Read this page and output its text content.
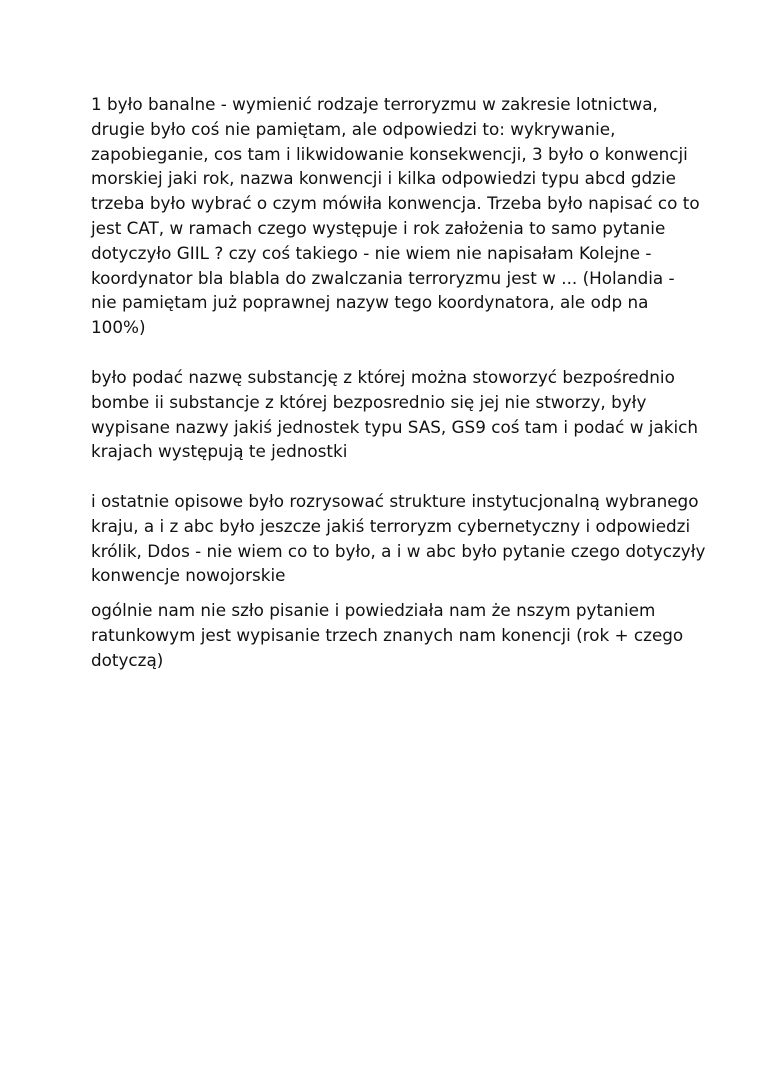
1 było banalne - wymienić rodzaje terroryzmu w zakresie lotnictwa,
drugie było coś nie pamiętam, ale odpowiedzi to: wykrywanie,
zapobieganie, cos tam i likwidowanie konsekwencji, 3 było o konwencji
morskiej jaki rok, nazwa konwencji i kilka odpowiedzi typu abcd gdzie
trzeba było wybrać o czym mówiła konwencja. Trzeba było napisać co to
jest CAT, w ramach czego występuje i rok założenia to samo pytanie
dotyczyło GIIL ? czy coś takiego - nie wiem nie napisałam Kolejne -
koordynator bla blabla do zwalczania terroryzmu jest w ... (Holandia -
nie pamiętam już poprawnej nazyw tego koordynatora, ale odp na
100%)
było podać nazwę substancję z której można stoworzyć bezpośrednio
bombe ii substancje z której bezposrednio się jej nie stworzy, były
wypisane nazwy jakiś jednostek typu SAS, GS9 coś tam i podać w jakich
krajach występują te jednostki
i ostatnie opisowe było rozrysować strukture instytucjonalną wybranego
kraju, a i z abc było jeszcze jakiś terroryzm cybernetyczny i odpowiedzi
królik, Ddos - nie wiem co to było, a i w abc było pytanie czego dotyczyły
konwencje nowojorskie
ogólnie nam nie szło pisanie i powiedziała nam że nszym pytaniem
ratunkowym jest wypisanie trzech znanych nam konencji (rok + czego
dotyczą)
